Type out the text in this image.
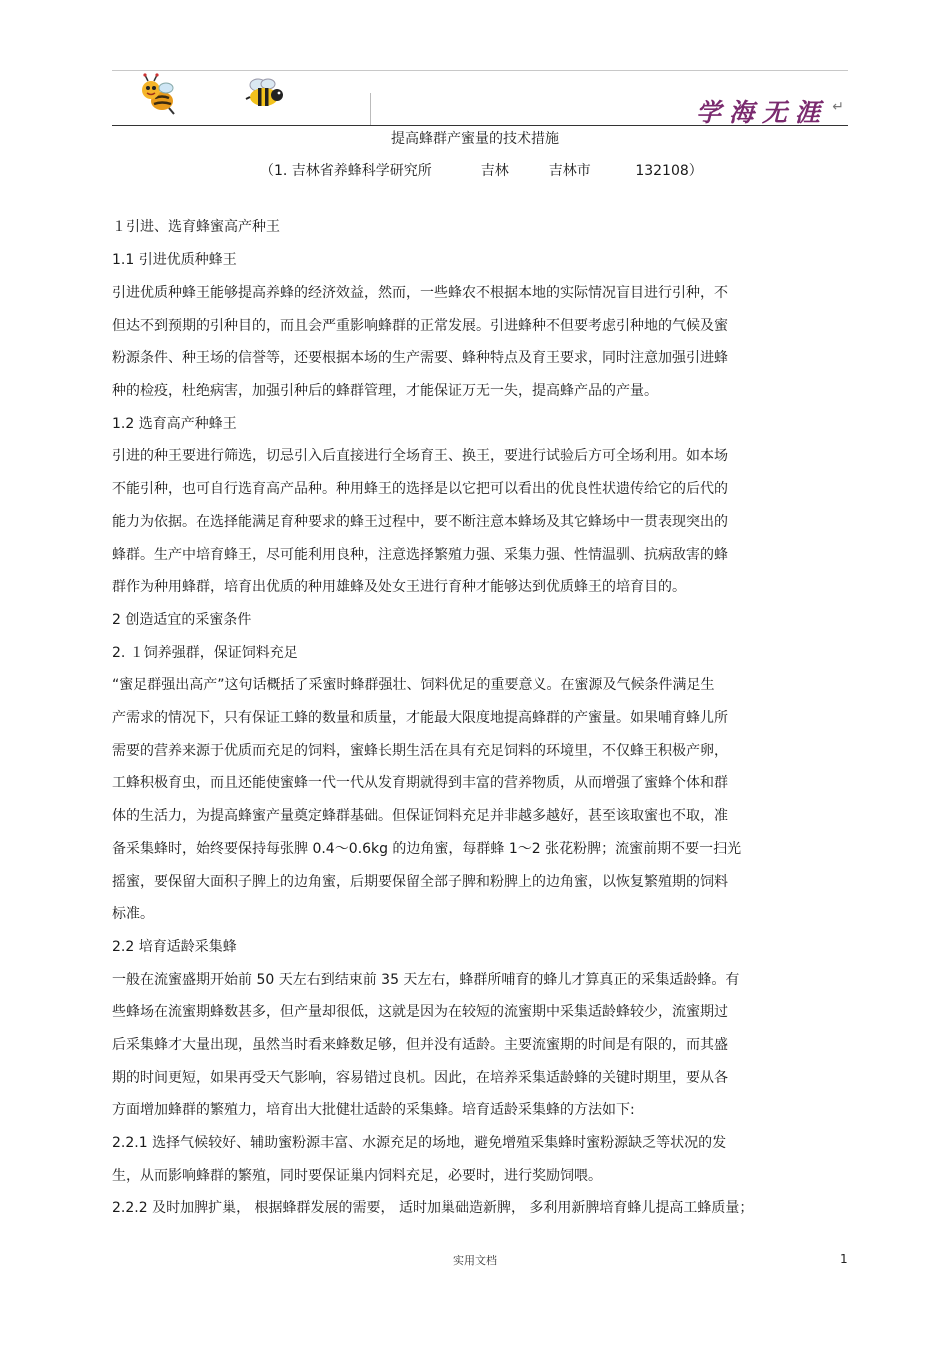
学海无涯 ↵
提高蜂群产蜜量的技术措施
（1. 吉林省养蜂科学研究所           吉林         吉林市          132108）
１引进、选育蜂蜜高产种王
1.1 引进优质种蜂王
引进优质种蜂王能够提高养蜂的经济效益，然而，一些蜂农不根据本地的实际情况盲目进行引种，不
但达不到预期的引种目的，而且会严重影响蜂群的正常发展。引进蜂种不但要考虑引种地的气候及蜜
粉源条件、种王场的信誉等，还要根据本场的生产需要、蜂种特点及育王要求，同时注意加强引进蜂
种的检疫，杜绝病害，加强引种后的蜂群管理，才能保证万无一失，提高蜂产品的产量。
1.2 选育高产种蜂王
引进的种王要进行筛选，切忌引入后直接进行全场育王、换王，要进行试验后方可全场利用。如本场
不能引种，也可自行选育高产品种。种用蜂王的选择是以它把可以看出的优良性状遗传给它的后代的
能力为依据。在选择能满足育种要求的蜂王过程中，要不断注意本蜂场及其它蜂场中一贯表现突出的
蜂群。生产中培育蜂王，尽可能利用良种，注意选择繁殖力强、采集力强、性情温驯、抗病敌害的蜂
群作为种用蜂群，培育出优质的种用雄蜂及处女王进行育种才能够达到优质蜂王的培育目的。
2 创造适宜的采蜜条件
2. １饲养强群，保证饲料充足
“蜜足群强出高产”这句话概括了采蜜时蜂群强壮、饲料优足的重要意义。在蜜源及气候条件满足生
产需求的情况下，只有保证工蜂的数量和质量，才能最大限度地提高蜂群的产蜜量。如果哺育蜂儿所
需要的营养来源于优质而充足的饲料，蜜蜂长期生活在具有充足饲料的环境里，不仅蜂王积极产卵，
工蜂积极育虫，而且还能使蜜蜂一代一代从发育期就得到丰富的营养物质，从而增强了蜜蜂个体和群
体的生活力，为提高蜂蜜产量奠定蜂群基础。但保证饲料充足并非越多越好，甚至该取蜜也不取，准
备采集蜂时，始终要保持每张脾 0.4～0.6kg 的边角蜜，每群蜂 1～2 张花粉脾；流蜜前期不要一扫光
摇蜜，要保留大面积子脾上的边角蜜，后期要保留全部子脾和粉脾上的边角蜜，以恢复繁殖期的饲料
标准。
2.2 培育适龄采集蜂
一般在流蜜盛期开始前 50 天左右到结束前 35 天左右，蜂群所哺育的蜂儿才算真正的采集适龄蜂。有
些蜂场在流蜜期蜂数甚多，但产量却很低，这就是因为在较短的流蜜期中采集适龄蜂较少，流蜜期过
后采集蜂才大量出现，虽然当时看来蜂数足够，但并没有适龄。主要流蜜期的时间是有限的，而其盛
期的时间更短，如果再受天气影响，容易错过良机。因此，在培养采集适龄蜂的关键时期里，要从各
方面增加蜂群的繁殖力，培育出大批健壮适龄的采集蜂。培育适龄采集蜂的方法如下:
2.2.1 选择气候较好、辅助蜜粉源丰富、水源充足的场地，避免增殖采集蜂时蜜粉源缺乏等状况的发
生，从而影响蜂群的繁殖，同时要保证巢内饲料充足，必要时，进行奖励饲喂。
2.2.2 及时加脾扩巢， 根据蜂群发展的需要， 适时加巢础造新脾， 多利用新脾培育蜂儿提高工蜂质量；
实用文档	1
